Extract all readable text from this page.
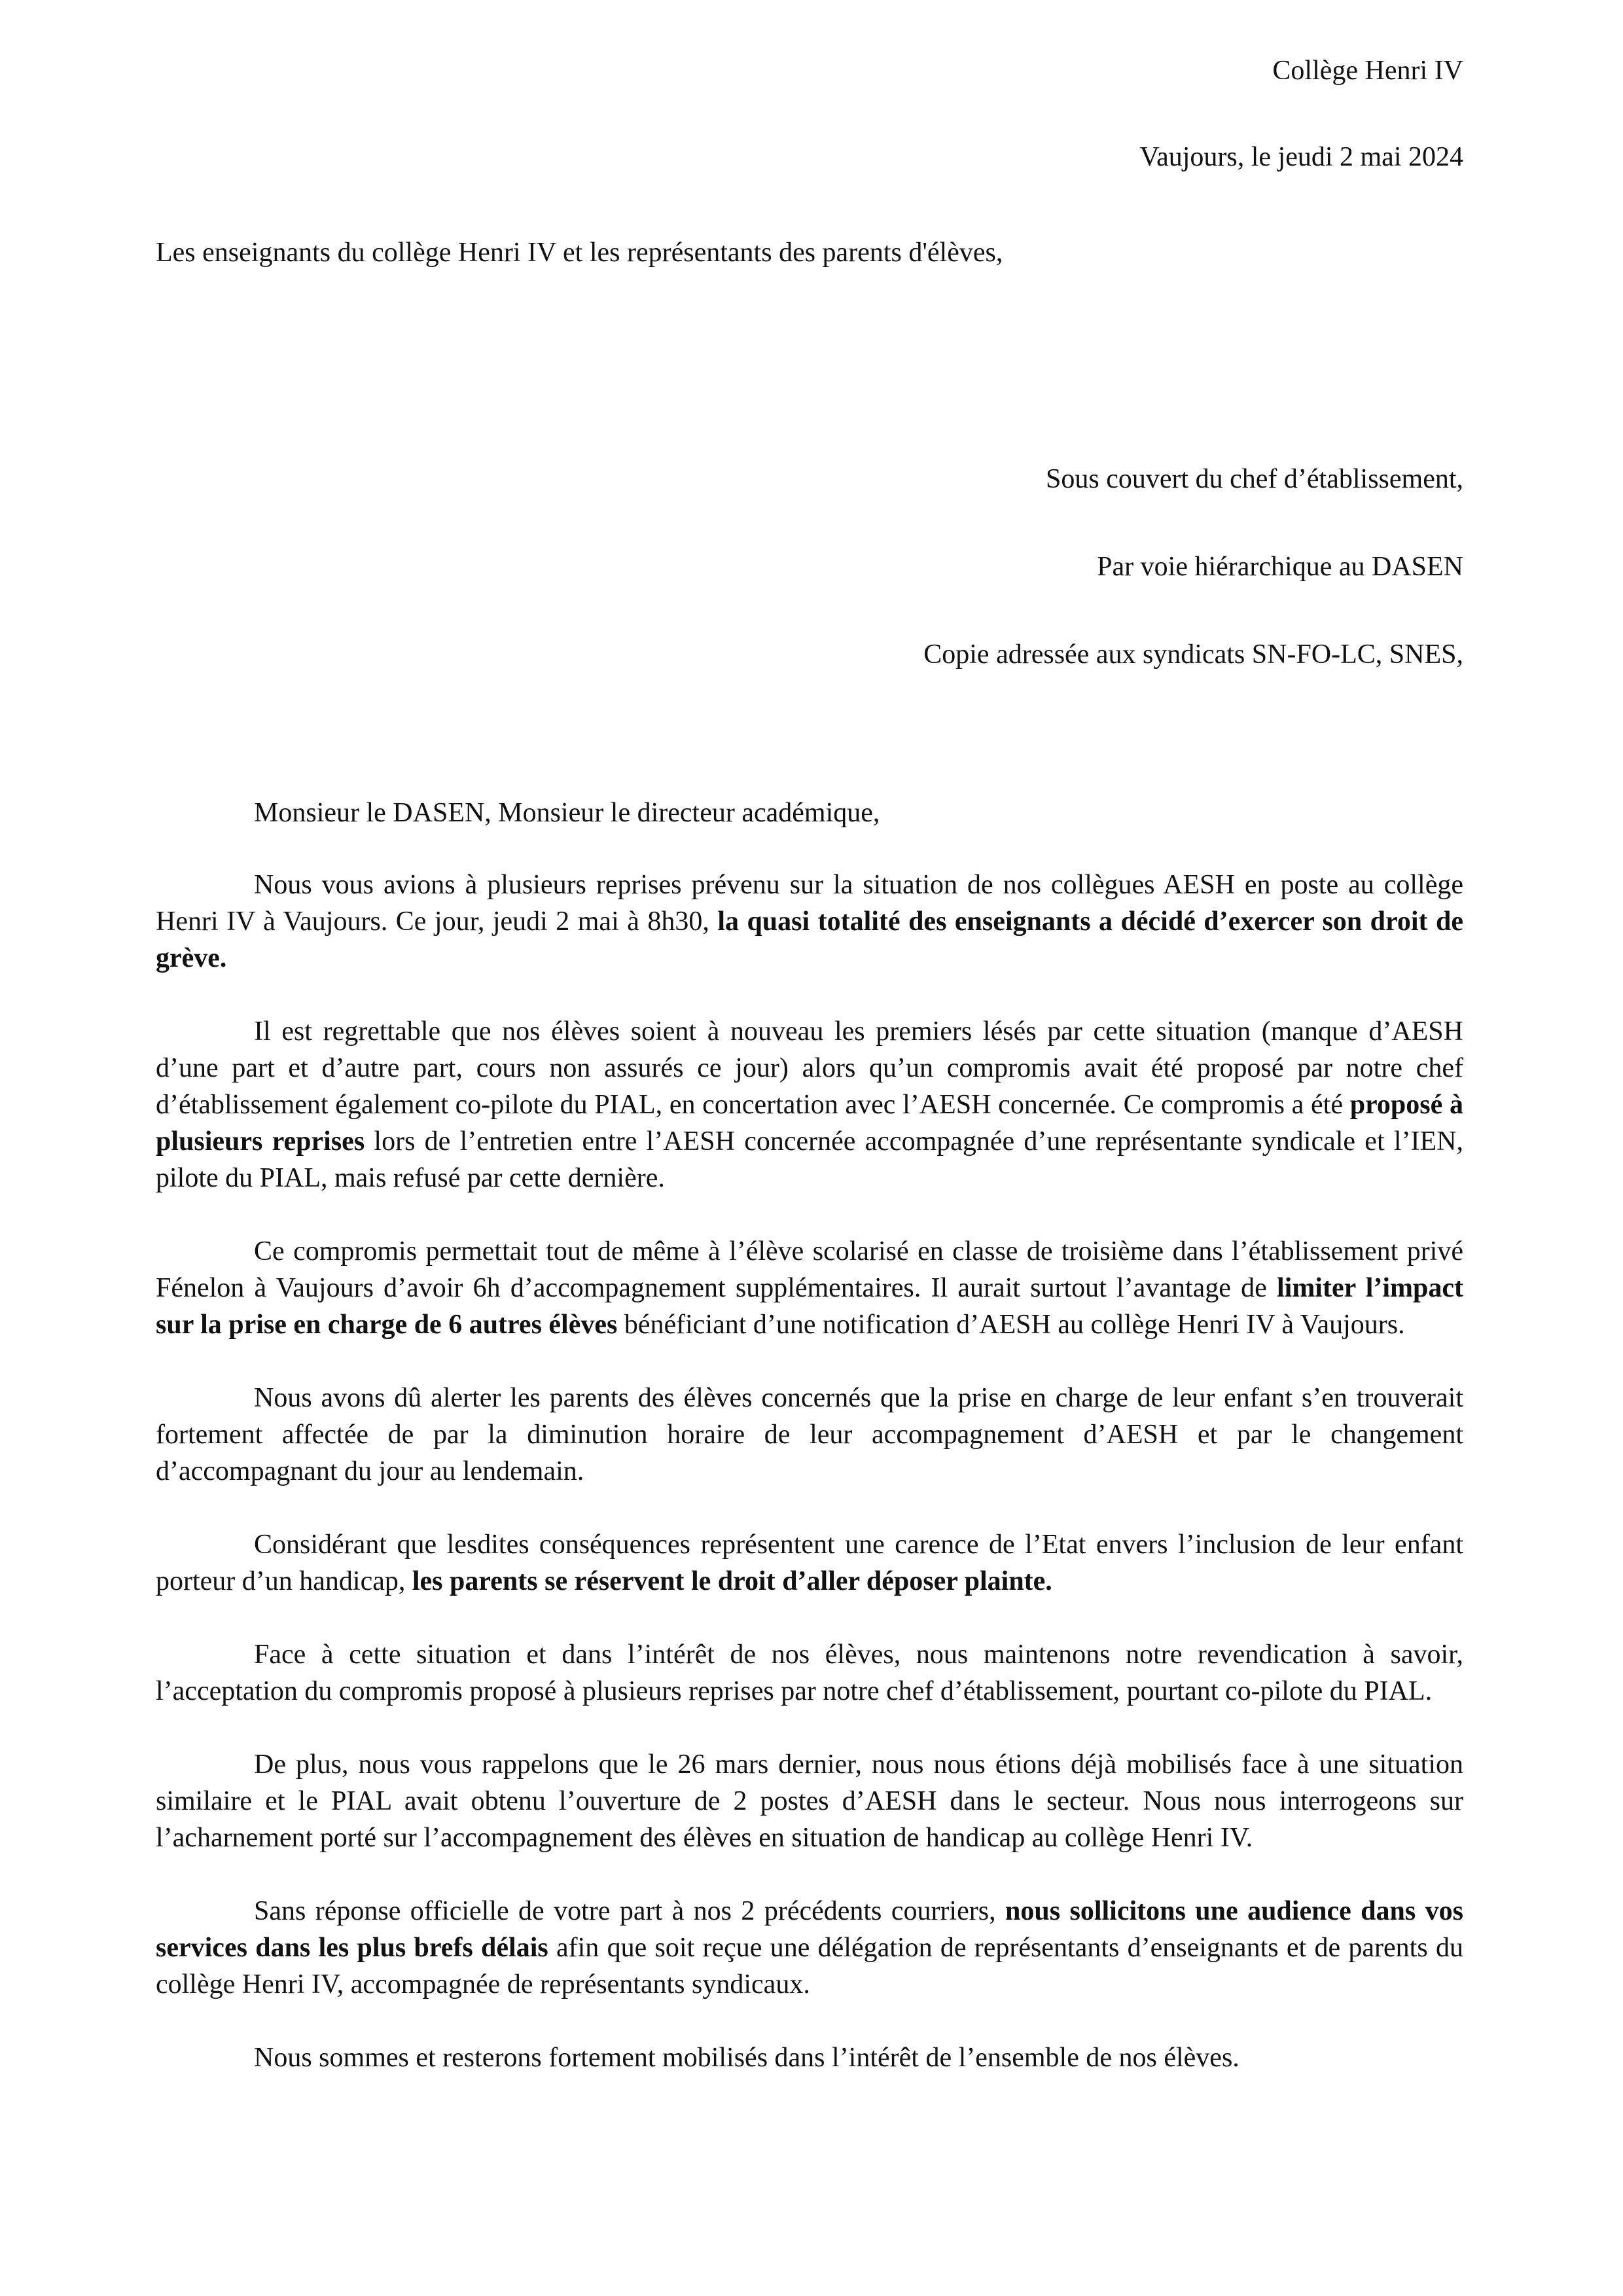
Collège Henri IV
Vaujours, le jeudi 2 mai 2024
Les enseignants du collège Henri IV et les représentants des parents d'élèves,
Sous couvert du chef d’établissement,
Par voie hiérarchique au DASEN
Copie adressée aux syndicats SN-FO-LC, SNES,
Monsieur le DASEN, Monsieur le directeur académique,

Nous vous avions à plusieurs reprises prévenu sur la situation de nos collègues AESH en poste au collège Henri IV à Vaujours. Ce jour, jeudi 2 mai à 8h30, la quasi totalité des enseignants a décidé d’exercer son droit de grève.

Il est regrettable que nos élèves soient à nouveau les premiers lésés par cette situation (manque d’AESH d’une part et d’autre part, cours non assurés ce jour) alors qu’un compromis avait été proposé par notre chef d’établissement également co-pilote du PIAL, en concertation avec l’AESH concernée. Ce compromis a été proposé à plusieurs reprises lors de l’entretien entre l’AESH concernée accompagnée d’une représentante syndicale et l’IEN, pilote du PIAL, mais refusé par cette dernière.

Ce compromis permettait tout de même à l’élève scolarisé en classe de troisième dans l’établissement privé Fénelon à Vaujours d’avoir 6h d’accompagnement supplémentaires. Il aurait surtout l’avantage de limiter l’impact sur la prise en charge de 6 autres élèves bénéficiant d’une notification d’AESH au collège Henri IV à Vaujours.

Nous avons dû alerter les parents des élèves concernés que la prise en charge de leur enfant s’en trouverait fortement affectée de par la diminution horaire de leur accompagnement d’AESH et par le changement d’accompagnant du jour au lendemain.

Considérant que lesdites conséquences représentent une carence de l’Etat envers l’inclusion de leur enfant porteur d’un handicap, les parents se réservent le droit d’aller déposer plainte.

Face à cette situation et dans l’intérêt de nos élèves, nous maintenons notre revendication à savoir, l’acceptation du compromis proposé à plusieurs reprises par notre chef d’établissement, pourtant co-pilote du PIAL.

De plus, nous vous rappelons que le 26 mars dernier, nous nous étions déjà mobilisés face à une situation similaire et le PIAL avait obtenu l’ouverture de 2 postes d’AESH dans le secteur. Nous nous interrogeons sur l’acharnement porté sur l’accompagnement des élèves en situation de handicap au collège Henri IV.

Sans réponse officielle de votre part à nos 2 précédents courriers, nous sollicitons une audience dans vos services dans les plus brefs délais afin que soit reçue une délégation de représentants d’enseignants et de parents du collège Henri IV, accompagnée de représentants syndicaux.

Nous sommes et resterons fortement mobilisés dans l’intérêt de l’ensemble de nos élèves.
